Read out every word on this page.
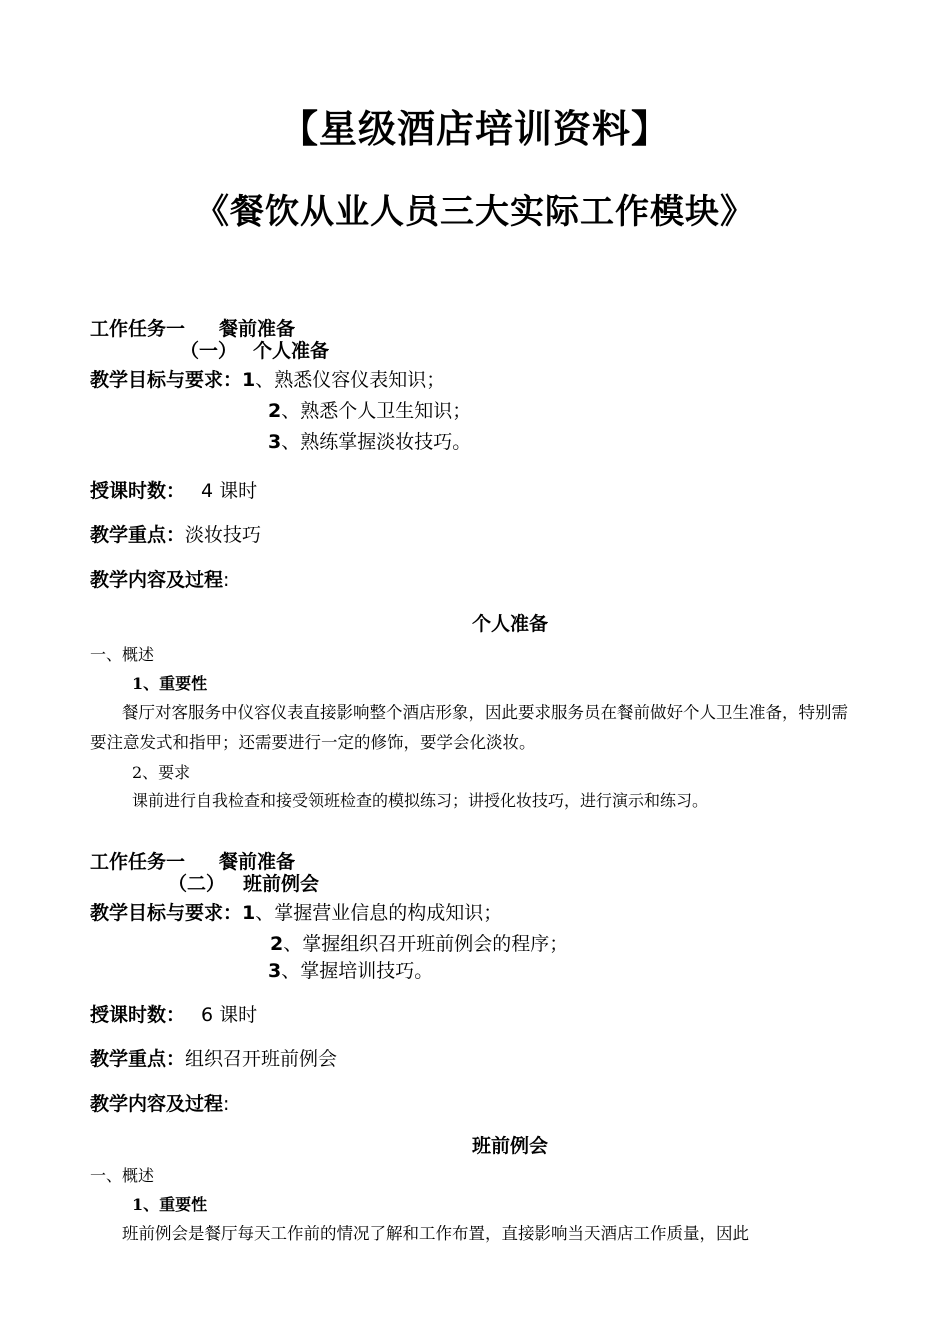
【星级酒店培训资料】
《餐饮从业人员三大实际工作模块》
工作任务一 餐前准备
（一） 个人准备
教学目标与要求：1、熟悉仪容仪表知识；
2、熟悉个人卫生知识；
3、熟练掌握淡妆技巧。
授课时数： 4 课时
教学重点：淡妆技巧
教学内容及过程:
个人准备
一、概述
1、重要性
餐厅对客服务中仪容仪表直接影响整个酒店形象，因此要求服务员在餐前做好个人卫生准备，特别需要注意发式和指甲；还需要进行一定的修饰，要学会化淡妆。
2、要求
课前进行自我检查和接受领班检查的模拟练习；讲授化妆技巧，进行演示和练习。
工作任务一 餐前准备
（二） 班前例会
教学目标与要求：1、掌握营业信息的构成知识；
2、掌握组织召开班前例会的程序；
3、掌握培训技巧。
授课时数： 6 课时
教学重点：组织召开班前例会
教学内容及过程:
班前例会
一、概述
1、重要性
班前例会是餐厅每天工作前的情况了解和工作布置，直接影响当天酒店工作质量，因此
